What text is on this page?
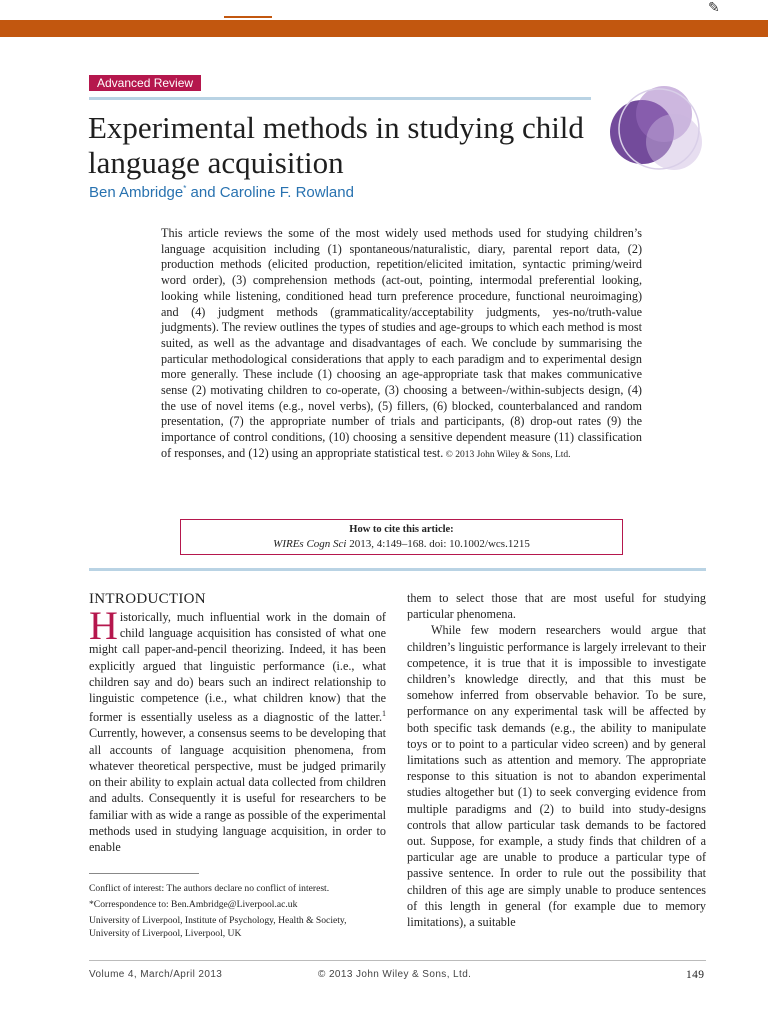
✎
Advanced Review
Experimental methods in studying child language acquisition
Ben Ambridge* and Caroline F. Rowland
This article reviews the some of the most widely used methods used for studying children’s language acquisition including (1) spontaneous/naturalistic, diary, parental report data, (2) production methods (elicited production, repetition/elicited imitation, syntactic priming/weird word order), (3) comprehension methods (act-out, pointing, intermodal preferential looking, looking while listening, conditioned head turn preference procedure, functional neuroimaging) and (4) judgment methods (grammaticality/acceptability judgments, yes-no/truth-value judgments). The review outlines the types of studies and age-groups to which each method is most suited, as well as the advantage and disadvantages of each. We conclude by summarising the particular methodological considerations that apply to each paradigm and to experimental design more generally. These include (1) choosing an age-appropriate task that makes communicative sense (2) motivating children to co-operate, (3) choosing a between-/within-subjects design, (4) the use of novel items (e.g., novel verbs), (5) fillers, (6) blocked, counterbalanced and random presentation, (7) the appropriate number of trials and participants, (8) drop-out rates (9) the importance of control conditions, (10) choosing a sensitive dependent measure (11) classification of responses, and (12) using an appropriate statistical test. © 2013 John Wiley & Sons, Ltd.
How to cite this article:
WIREs Cogn Sci 2013, 4:149–168. doi: 10.1002/wcs.1215
INTRODUCTION
Historically, much influential work in the domain of child language acquisition has consisted of what one might call paper-and-pencil theorizing. Indeed, it has been explicitly argued that linguistic performance (i.e., what children say and do) bears such an indirect relationship to linguistic competence (i.e., what children know) that the former is essentially useless as a diagnostic of the latter.$^1$ Currently, however, a consensus seems to be developing that all accounts of language acquisition phenomena, from whatever theoretical perspective, must be judged primarily on their ability to explain actual data collected from children and adults. Consequently it is useful for researchers to be familiar with as wide a range as possible of the experimental methods used in studying language acquisition, in order to enable
them to select those that are most useful for studying particular phenomena.
While few modern researchers would argue that children’s linguistic performance is largely irrelevant to their competence, it is true that it is impossible to investigate children’s knowledge directly, and that this must be somehow inferred from observable behavior. To be sure, performance on any experimental task will be affected by both specific task demands (e.g., the ability to manipulate toys or to point to a particular video screen) and by general limitations such as attention and memory. The appropriate response to this situation is not to abandon experimental studies altogether but (1) to seek converging evidence from multiple paradigms and (2) to build into study-designs controls that allow particular task demands to be factored out. Suppose, for example, a study finds that children of a particular age are unable to produce a particular type of passive sentence. In order to rule out the possibility that children of this age are simply unable to produce sentences of this length in general (for example due to memory limitations), a suitable

Conflict of interest: The authors declare no conflict of interest.

*Correspondence to: Ben.Ambridge@Liverpool.ac.uk

University of Liverpool, Institute of Psychology, Health & Society, University of Liverpool, Liverpool, UK

Volume 4, March/April 2013	© 2013 John Wiley & Sons, Ltd.	149
